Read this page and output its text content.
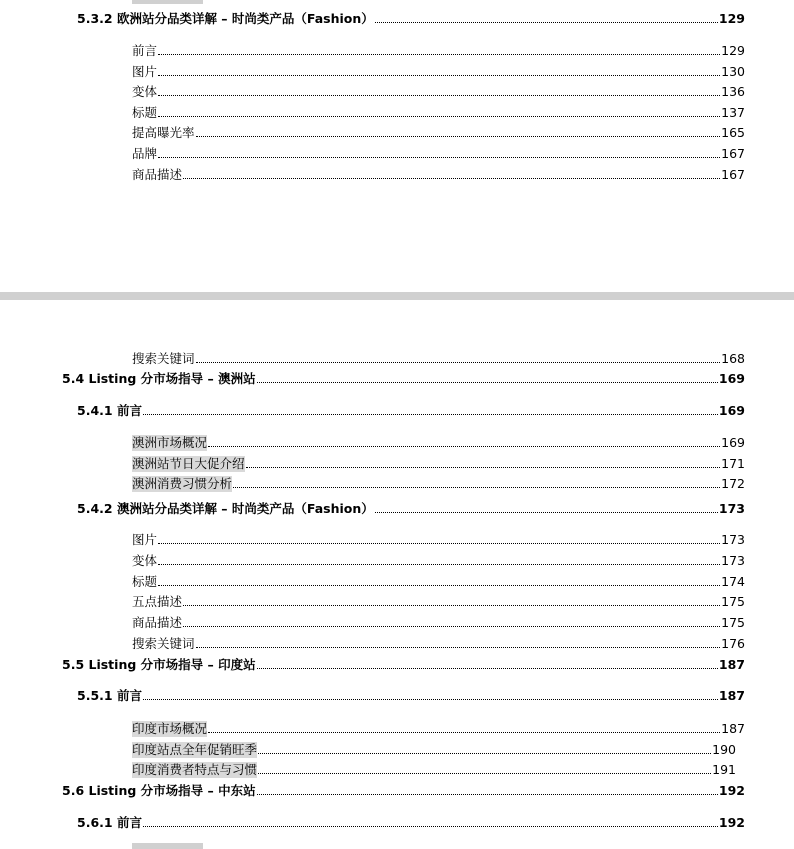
5.3.2 欧洲站分品类详解 – 时尚类产品（Fashion）	129
前言	129
图片	130
变体	136
标题	137
提高曝光率	165
品牌	167
商品描述	167
搜索关键词	168
5.4 Listing 分市场指导 – 澳洲站	169
5.4.1 前言	169
澳洲市场概况	169
澳洲站节日大促介绍	171
澳洲消费习惯分析	172
5.4.2 澳洲站分品类详解 – 时尚类产品（Fashion）	173
图片	173
变体	173
标题	174
五点描述	175
商品描述	175
搜索关键词	176
5.5 Listing 分市场指导 – 印度站	187
5.5.1 前言	187
印度市场概况	187
印度站点全年促销旺季	190
印度消费者特点与习惯	191
5.6 Listing 分市场指导 – 中东站	192
5.6.1 前言	192
